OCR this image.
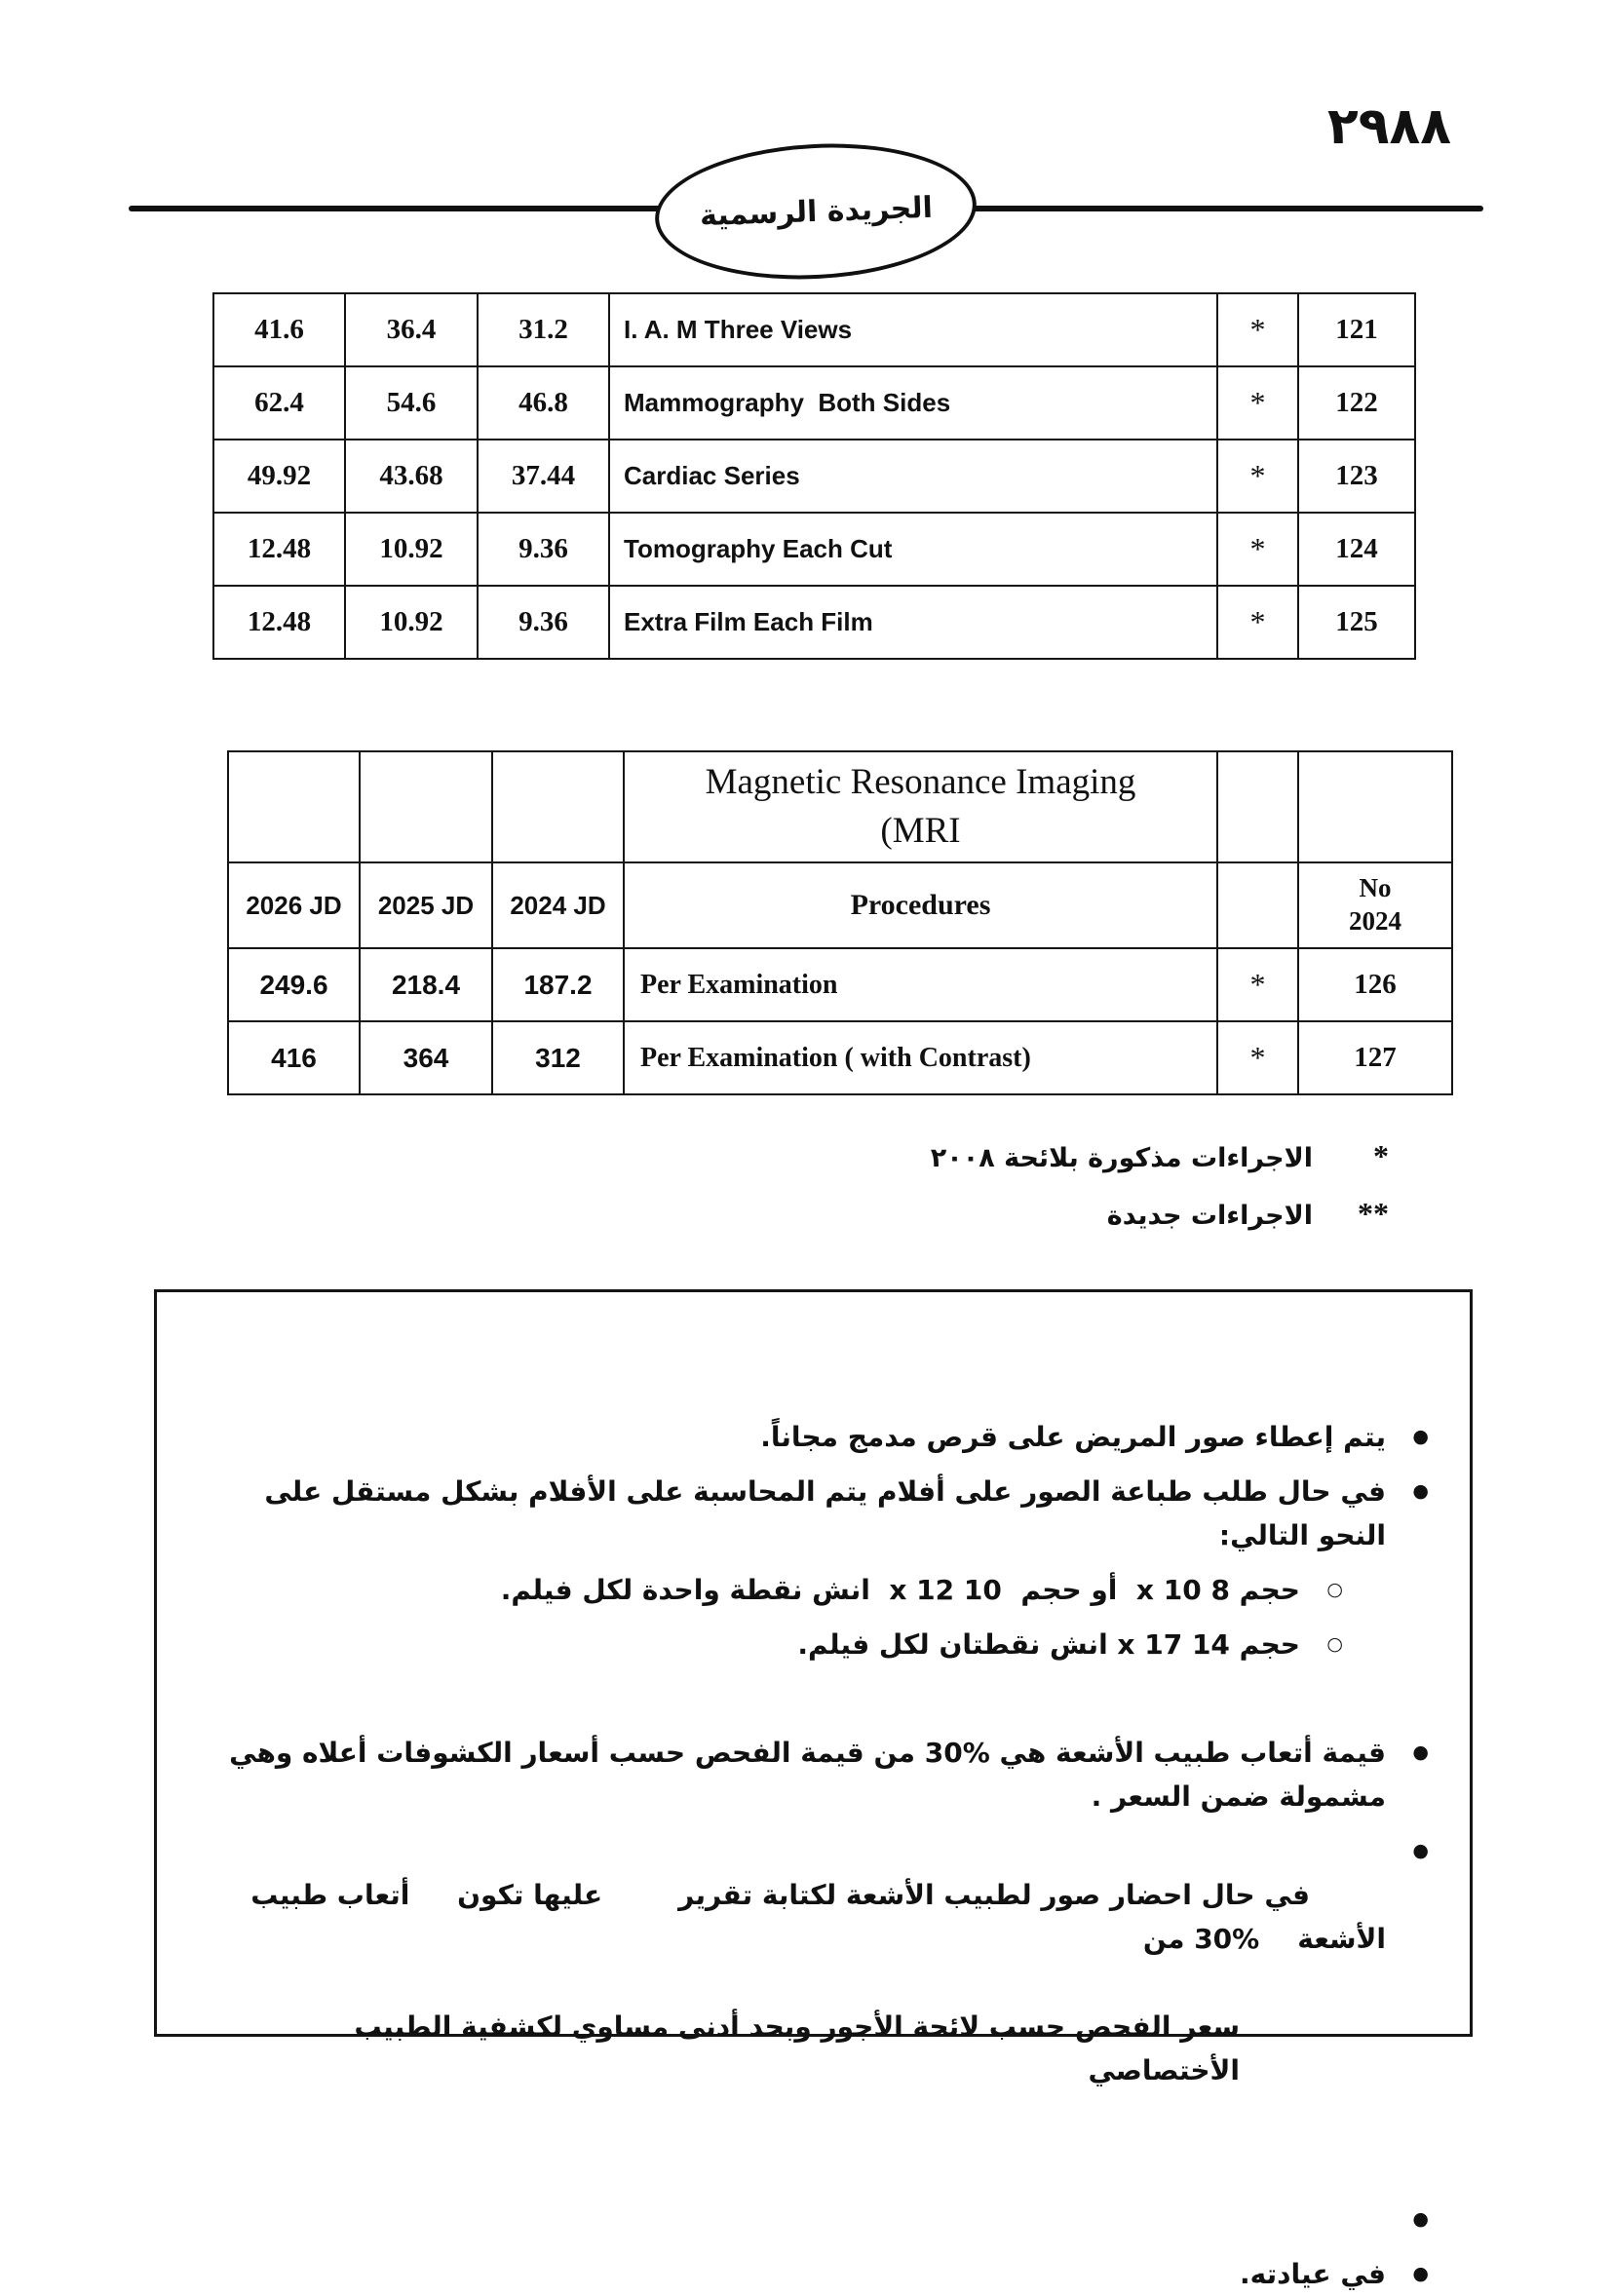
٢٩٨٨
الجريدة الرسمية
41.6	36.4	31.2	I. A. M Three Views	*	121
62.4	54.6	46.8	Mammography  Both Sides	*	122
49.92	43.68	37.44	Cardiac Series	*	123
12.48	10.92	9.36	Tomography Each Cut	*	124
12.48	10.92	9.36	Extra Film Each Film	*	125

			Magnetic Resonance Imaging
(MRI		

2026 JD	2025 JD	2024 JD	Procedures		No
2024

249.6	218.4	187.2	Per Examination	*	126
416	364	312	Per Examination ( with Contrast)	*	127
*
الاجراءات مذكورة بلائحة ٢٠٠٨
**
الاجراءات جديدة
●
يتم إعطاء صور المريض على قرص مدمج مجاناً.
●
في حال طلب طباعة الصور على أفلام يتم المحاسبة على الأفلام بشكل مستقل على النحو التالي:
○
حجم 8 x 10  أو حجم  10 x 12  انش نقطة واحدة لكل فيلم.
○
حجم 14 x 17 انش نقطتان لكل فيلم.
●
قيمة أتعاب طبيب الأشعة هي %30 من قيمة الفحص حسب أسعار الكشوفات أعلاه وهي مشمولة ضمن السعر .
●

في حال احضار صور لطبيب الأشعة لكتابة تقرير        عليها تكون     أتعاب طبيب الأشعة    %30 من

سعر الفحص حسب لائحة الأجور وبحد أدنى مساوي لكشفية الطبيب الأختصاصي

●
●
في عيادته.
